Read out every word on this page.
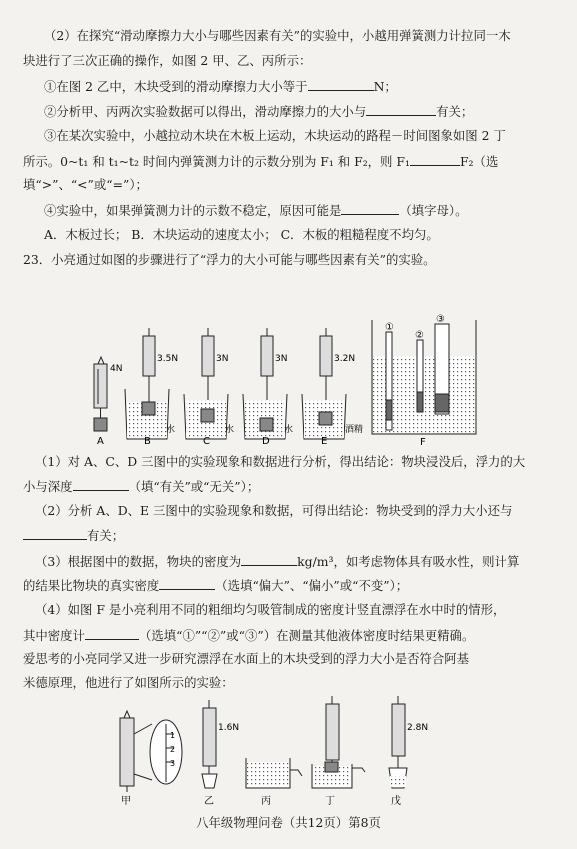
（2）在探究“滑动摩擦力大小与哪些因素有关”的实验中，小越用弹簧测力计拉同一木
块进行了三次正确的操作，如图 2 甲、乙、丙所示：
①在图 2 乙中，木块受到的滑动摩擦力大小等于	N；
②分析甲、丙两次实验数据可以得出，滑动摩擦力的大小与	有关；
③在某次实验中，小越拉动木块在木板上运动，木块运动的路程－时间图象如图 2 丁
所示。0~t₁ 和 t₁~t₂ 时间内弹簧测力计的示数分别为 F₁ 和 F₂，则 F₁	F₂（选
填“>”、“<”或“=”）；
④实验中，如果弹簧测力计的示数不稳定，原因可能是	（填字母）。
A．木板过长； B．木块运动的速度太小； C．木板的粗糙程度不均匀。
23．小亮通过如图的步骤进行了“浮力的大小可能与哪些因素有关”的实验。
4N
3.5N	3N	3N	3.2N
水	水	水	酒精
①
②
③
A	B	C	D	E	F
（1）对 A、C、D 三图中的实验现象和数据进行分析，得出结论：物块浸没后，浮力的大
小与深度	（填“有关”或“无关”）；
（2）分析 A、D、E 三图中的实验现象和数据，可得出结论：物块受到的浮力大小还与
有关；
（3）根据图中的数据，物块的密度为	kg/m³，如考虑物体具有吸水性，则计算
的结果比物块的真实密度	（选填“偏大”、“偏小”或“不变”）；
（4）如图 F 是小亮利用不同的粗细均匀吸管制成的密度计竖直漂浮在水中时的情形，
其中密度计	（选填“①”“②”或“③”）在测量其他液体密度时结果更精确。
爱思考的小亮同学又进一步研究漂浮在水面上的木块受到的浮力大小是否符合阿基
米德原理，他进行了如图所示的实验：
1
2
3
1.6N	2.8N
甲	乙	丙	丁	戊
八年级物理问卷（共12页）第8页
